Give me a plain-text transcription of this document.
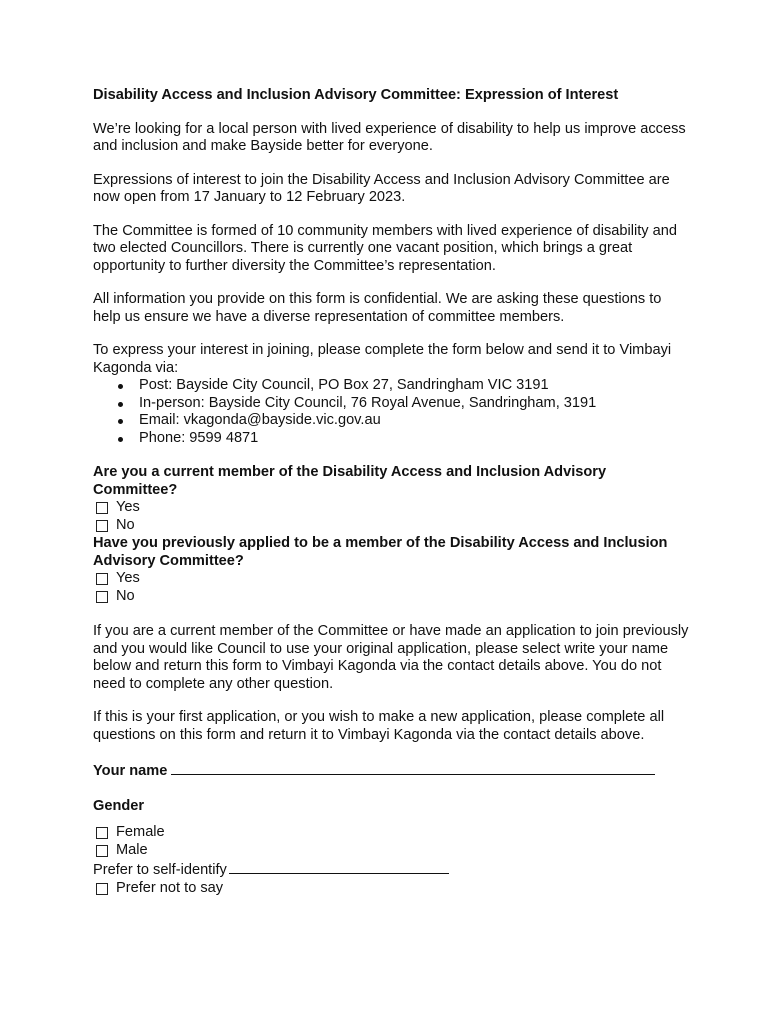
Disability Access and Inclusion Advisory Committee: Expression of Interest

We’re looking for a local person with lived experience of disability to help us improve access and inclusion and make Bayside better for everyone.

Expressions of interest to join the Disability Access and Inclusion Advisory Committee are now open from 17 January to 12 February 2023.

The Committee is formed of 10 community members with lived experience of disability and two elected Councillors. There is currently one vacant position, which brings a great opportunity to further diversity the Committee’s representation.

All information you provide on this form is confidential. We are asking these questions to help us ensure we have a diverse representation of committee members.

To express your interest in joining, please complete the form below and send it to Vimbayi Kagonda via:

Post: Bayside City Council, PO Box 27, Sandringham VIC 3191
In-person: Bayside City Council, 76 Royal Avenue, Sandringham, 3191
Email: vkagonda@bayside.vic.gov.au
Phone: 9599 4871

Are you a current member of the Disability Access and Inclusion Advisory Committee?

Yes
No

Have you previously applied to be a member of the Disability Access and Inclusion Advisory Committee?

Yes
No

If you are a current member of the Committee or have made an application to join previously and you would like Council to use your original application, please select write your name below and return this form to Vimbayi Kagonda via the contact details above. You do not need to complete any other question.

If this is your first application, or you wish to make a new application, please complete all questions on this form and return it to Vimbayi Kagonda via the contact details above.

Your name

Gender

Female
Male
Prefer to self-identify
Prefer not to say
